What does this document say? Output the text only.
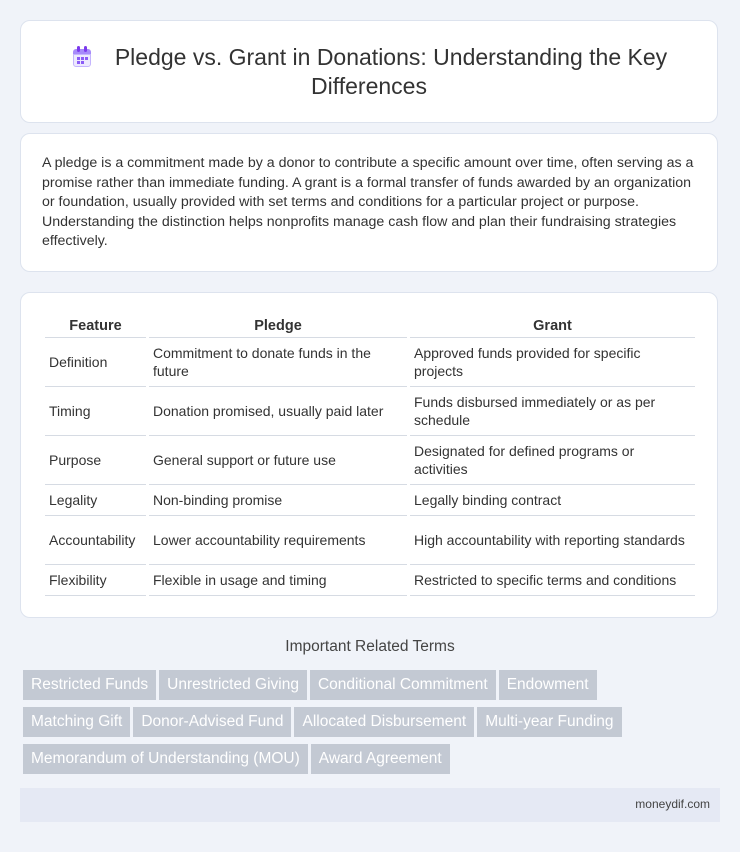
Pledge vs. Grant in Donations: Understanding the Key Differences
A pledge is a commitment made by a donor to contribute a specific amount over time, often serving as a promise rather than immediate funding. A grant is a formal transfer of funds awarded by an organization or foundation, usually provided with set terms and conditions for a particular project or purpose. Understanding the distinction helps nonprofits manage cash flow and plan their fundraising strategies effectively.
Feature	Pledge	Grant
Definition	Commitment to donate funds in the future	Approved funds provided for specific projects
Timing	Donation promised, usually paid later	Funds disbursed immediately or as per schedule
Purpose	General support or future use	Designated for defined programs or activities
Legality	Non-binding promise	Legally binding contract
Accountability	Lower accountability requirements	High accountability with reporting standards
Flexibility	Flexible in usage and timing	Restricted to specific terms and conditions
Important Related Terms
Restricted Funds Unrestricted Giving Conditional Commitment Endowment
Matching Gift Donor-Advised Fund Allocated Disbursement Multi-year Funding
Memorandum of Understanding (MOU) Award Agreement
moneydif.com
